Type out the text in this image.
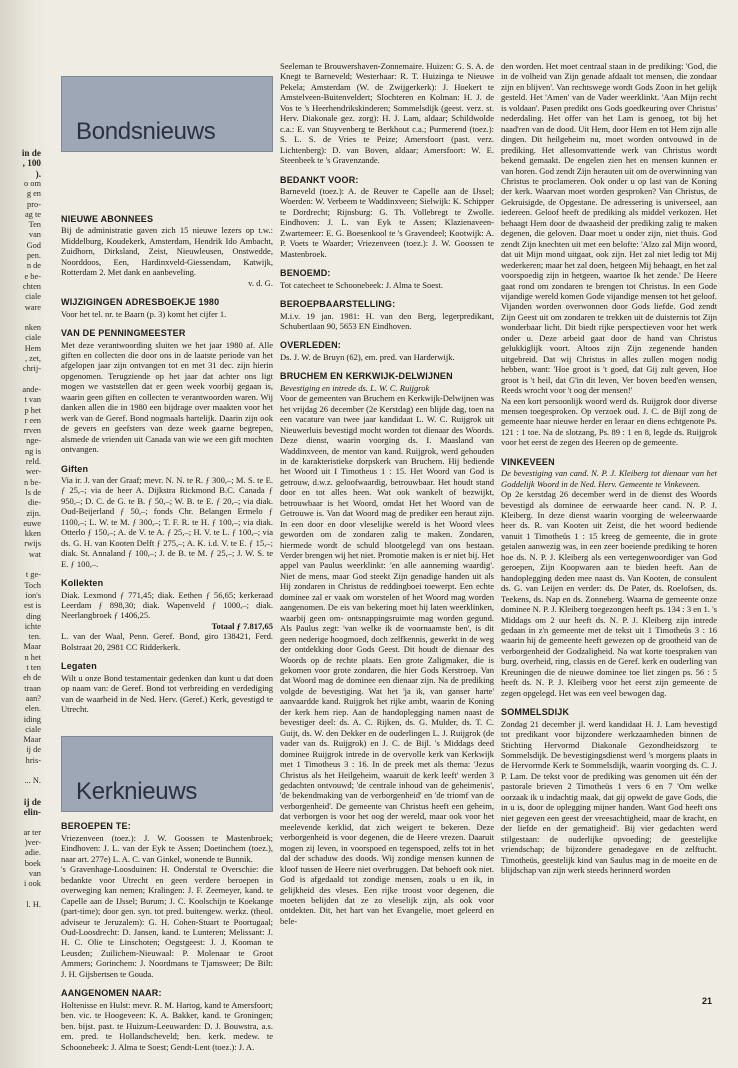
in de
, 100
).
o om
g en
pro-
ag te
Ten
van
God
pen.
n de
e be-
chten
ciale
ware
nken
ciale
Hem
, zet,
chrij-
ande-
t van
p het
r een
rrven
nge-
ng is
reld.
wer-
n be-
ls de
die-
zijn.
euwe
kken
rwijs
wat
t ge-
Toch
ion's
est is
ding
ichte
ten.
Maar
n het
t ten
eh de
traan
aan?
elen.
iding
ciale
Maar
ij de
hris-
... N.
ij de
elin-
ar ter
)ver-
adie.
boek
van
i ook
l. H.
Bondsnieuws
NIEUWE ABONNEES

Bij de administratie gaven zich 15 nieuwe lezers op t.w.: Middelburg, Koudekerk, Amsterdam, Hendrik Ido Ambacht, Zuidhorn, Dirksland, Zeist, Nieuwleusen, Onstwedde, Noorddoos, Een, Hardinxveld-Giessendam, Katwijk, Rotterdam 2. Met dank en aanbeveling.

v. d. G.

WIJZIGINGEN ADRESBOEKJE 1980

Voor het tel. nr. te Baarn (p. 3) komt het cijfer 1.

VAN DE PENNINGMEESTER

Met deze verantwoording sluiten we het jaar 1980 af. Alle giften en collecten die door ons in de laatste periode van het afgelopen jaar zijn ontvangen tot en met 31 dec. zijn hierin opgenomen. Terugziende op het jaar dat achter ons ligt mogen we vaststellen dat er geen week voorbij gegaan is, waarin geen giften en collecten te verantwoorden waren. Wij danken allen die in 1980 een bijdrage over maakten voor het werk van de Geref. Bond nogmaals hartelijk. Daarin zijn ook de gevers en geefsters van deze week gaarne begrepen, alsmede de vrienden uit Canada van wie we een gift mochten ontvangen.

Giften

Via ir. J. van der Graaf; mevr. N. N. te R. ƒ 300,–; M. S. te E. ƒ 25,–; via de heer A. Dijkstra Rickmond B.C. Canada ƒ 950,–; D. C. de G. te B. ƒ 50,–; W. B. te E. ƒ 20,–; via diak. Oud-Beijerland ƒ 50,–; fonds Chr. Belangen Ermelo ƒ 1100,–; L. W. te M. ƒ 300,–; T. F. R. te H. ƒ 100,–; via diak. Otterlo ƒ 150,–; A. de V. te A. ƒ 25,–; H. V. te L. ƒ 100,–; via ds. G. H. van Kooten Delft ƒ 275,–; A. K. i.d. V. te E. ƒ 15,–; diak. St. Annaland ƒ 100,–; J. de B. te M. ƒ 25,–; J. W. S. te E. ƒ 100,–.

Kollekten

Diak. Lexmond ƒ 771,45; diak. Eethen ƒ 56,65; kerkeraad Leerdam ƒ 898,30; diak. Wapenveld ƒ 1000,–; diak. Neerlangbroek ƒ 1406,25.

Totaal ƒ 7.817,65

L. van der Waal, Penn. Geref. Bond, giro 138421, Ferd. Bolstraat 20, 2981 CC Ridderkerk.

Legaten

Wilt u onze Bond testamentair gedenken dan kunt u dat doen op naam van: de Geref. Bond tot verbreiding en verdediging van de waarheid in de Ned. Herv. (Geref.) Kerk, gevestigd te Utrecht.

Kerknieuws
BEROEPEN TE:

Vriezenveen (toez.): J. W. Goossen te Mastenbroek; Eindhoven: J. L. van der Eyk te Assen; Doetinchem (toez.), naar art. 277e) L. A. C. van Ginkel, wonende te Bunnik.

's Gravenhage-Loosduinen: H. Onderstal te Overschie: die bedankte voor Utrecht en geen verdere beroepen in overweging kan nemen; Kralingen: J. F. Zeemeyer, kand. te Capelle aan de IJssel; Burum; J. C. Koolschijn te Koekange (part-time); door gen. syn. tot pred. buitengew. werkz. (theol. adviseur te Jeruzalem): G. H. Cohen-Stuart te Poortugaal; Oud-Loosdrecht: D. Jansen, kand. te Lunteren; Melissant: J. H. C. Olie te Linschoten; Oegstgeest: J. J. Kooman te Leusden; Zuilichem-Nieuwaal: P. Molenaar te Groot Ammers; Gorinchem: J. Noordmans te Tjamsweer; De Bilt: J. H. Gijsbertsen te Gouda.

AANGENOMEN NAAR:

Holtenisse en Hulst: mevr. R. M. Hartog, kand te Amersfoort; ben. vic. te Hoogeveen: K. A. Bakker, kand. te Groningen; ben. bijst. past. te Huizum-Leeuwarden: D. J. Bouwstra, a.s. em. pred. te Hollandscheveld; ben. kerk. medew. te Schoonebeek: J. Alma te Soest; Gendt-Lent (toez.): J. A.

Seeleman te Brouwershaven-Zonnemaire. Huizen: G. S. A. de Knegt te Barneveld; Westerhaar: R. T. Huizinga te Nieuwe Pekela; Amsterdam (W. de Zwijgerkerk): J. Hoekert te Amstelveen-Buitenveldert; Slochteren en Kolman: H. J. de Vos te 's Heerhendrikskinderen; Sommelsdijk (geest. verz. st. Herv. Diakonale gez. zorg): H. J. Lam, aldaar; Schildwolde c.a.: E. van Stuyvenberg te Berkhout c.a.; Purmerend (toez.): S. L. S. de Vries te Peize; Amersfoort (past. verz. Lichtenberg): D. van Boven, aldaar; Amersfoort: W. E. Steenbeek te 's Gravenzande.

BEDANKT VOOR:

Barneveld (toez.): A. de Reuver te Capelle aan de IJssel; Woerden: W. Verbeem te Waddinxveen; Sielwijk: K. Schipper te Dordrecht; Rijnsburg: G. Th. Vollebregt te Zwolle. Eindhoven: J. L. van Eyk te Assen; Klazienaveen-Zwartemeer: E. G. Boesenkool te 's Gravendeel; Kootwijk: A. P. Voets te Waarder; Vriezenveen (toez.): J. W. Goossen te Mastenbroek.

BENOEMD:

Tot catecheet te Schoonebeek: J. Alma te Soest.

BEROEPBAARSTELLING:

M.i.v. 19 jan. 1981: H. van den Berg, legerpredikant, Schubertlaan 90, 5653 EN Eindhoven.

OVERLEDEN:

Ds. J. W. de Bruyn (62), em. pred. van Harderwijk.

BRUCHEM EN KERKWIJK-DELWIJNEN
Bevestiging en intrede ds. L. W. C. Ruijgrok

Voor de gemeenten van Bruchem en Kerkwijk-Delwijnen was het vrijdag 26 december (2e Kerstdag) een blijde dag, toen na een vacature van twee jaar kandidaat L. W. C. Ruijgrok uit Nieuwerluis bevestigd mocht worden tot dienaar des Woords. Deze dienst, waarin voorging ds. I. Maasland van Waddinxveen, de mentor van kand. Ruijgrok, werd gehouden in de karakteristieke dorpskerk van Bruchem. Hij bediende het Woord uit I Timotheus 1 : 15. Het Woord van God is getrouw, d.w.z. geloofwaardig, betrouwbaar. Het houdt stand door en tot alles heen. Wat ook wankelt of bezwijkt, betrouwbaar is het Woord, omdat Het het Woord van de Getrouwe is. Van dat Woord mag de prediker een heraut zijn. In een door en door vleselijke wereld is het Woord vlees geworden om de zondaren zalig te maken. Zondaren, hiermede wordt de schuld blootgelegd van ons bestaan. Verder brengen wij het niet. Promotie maken is er niet bij. Het appel van Paulus weerklinkt: 'en alle aanneming waardig'. Niet de mens, maar God steekt Zijn genadige handen uit als Hij zondaren in Christus de reddingboei toewerpt. Een echte dominee zal er vaak om worstelen of het Woord mag worden aangenomen. De eis van bekering moet hij laten weerklinken, waarbij geen om- ontsnappingsruimte mag worden gegund. Als Paulus zegt: 'van welke ik de voornaamste ben', is dit geen nederige hoogmoed, doch zelfkennis, gewerkt in de weg der ontdekking door Gods Geest. Dit houdt de dienaar des Woords op de rechte plaats. Een grote Zaligmaker, die is gekomen voor grote zondaren, die hier Gods Kerstroep. Van dat Woord mag de dominee een dienaar zijn. Na de prediking volgde de bevestiging. Wat het 'ja ik, van ganser harte' aanvaardde kand. Ruijgrok het rijke ambt, waarin de Koning der kerk hem riep. Aan de handoplegging namen naast de bevestiger deel: ds. A. C. Rijken, ds. G. Mulder, ds. T. C. Guijt, ds. W. den Dekker en de ouderlingen L. J. Ruijgrok (de vader van ds. Ruijgrok) en J. C. de Bijl. 's Middags deed dominee Ruijgrok intrede in de overvolle kerk van Kerkwijk met 1 Timotheus 3 : 16. In de preek met als thema: 'Jezus Christus als het Heilgeheim, waaruit de kerk leeft' werden 3 gedachten ontvouwd; 'de centrale inhoud van de geheimenis', 'de bekendmaking van de verborgenheid' en 'de triomf van de verborgenheid'. De gemeente van Christus heeft een geheim, dat verborgen is voor het oog der wereld, maar ook voor het meelevende kerklid, dat zich weigert te bekeren. Deze verborgenheid is voor degenen, die de Heere vrezen. Daaruit mogen zij leven, in voorspoed en tegenspoed, zelfs tot in het dal der schaduw des doods. Wij zondige mensen kunnen de kloof tussen de Heere niet overbruggen. Dat behoeft ook niet. God is afgedaald tot zondige mensen, zoals u en ik, in gelijkheid des vleses. Een rijke troost voor degenen, die moeten belijden dat ze zo vleselijk zijn, als ook voor ontdekten. Dit, het hart van het Evangelie, moet geleerd en bele-

den worden. Het moet centraal staan in de prediking: 'God, die in de volheid van Zijn genade afdaalt tot mensen, die zondaar zijn en blijven'. Van rechtswege wordt Gods Zoon in het gelijk gesteld. Het 'Amen' van de Vader weerklinkt. 'Aan Mijn recht is voldaan'. Pasen predikt ons Gods goedkeuring over Christus' nederdaling. Het offer van het Lam is genoeg, tot bij het naad'ren van de dood. Uit Hem, door Hem en tot Hem zijn alle dingen. Dit heilgeheim nu, moet worden ontvouwd in de prediking. Het allesomvattende werk van Christus wordt bekend gemaakt. De engelen zien het en mensen kunnen er van horen. God zendt Zijn herauten uit om de overwinning van Christus te proclameren. Ook onder u op last van de Koning der kerk. Waarvan moet worden gesproken? Van Christus, de Gekruisigde, de Opgestane. De adressering is universeel, aan iedereen. Geloof heeft de prediking als middel verkozen. Het behaagt Hem door de dwaasheid der prediking zalig te maken degenen, die geloven. Daar moet u onder zijn, niet thuis. God zendt Zijn knechten uit met een belofte: 'Alzo zal Mijn woord, dat uit Mijn mond uitgaat, ook zijn. Het zal niet ledig tot Mij wederkeren; maar het zal doen, hetgeen Mij behaagt, en het zal voorspoedig zijn in hetgeen, waartoe Ik het zende.' De Heere gaat rond om zondaren te brengen tot Christus. In een Gode vijandige wereld komen Gode vijandige mensen tot het geloof. Vijanden worden overwonnen door Gods liefde. God zendt Zijn Geest uit om zondaren te trekken uit de duisternis tot Zijn wonderbaar licht. Dit biedt rijke perspectieven voor het werk onder u. Deze arbeid gaat door de hand van Christus gelukkiglijk voort. Altoos zijn Zijn zegenende handen uitgebreid. Dat wij Christus in alles zullen mogen nodig hebben, want: 'Hoe groot is 't goed, dat Gij zult geven, Hoe groot is 't heil, dat G'in dit leven, Ver boven beed'en wensen, Reeds wrocht voor 't oog der mensen!'

Na een kort persoonlijk woord werd ds. Ruijgrok door diverse mensen toegesproken. Op verzoek oud. J. C. de Bijl zong de gemeente haar nieuwe herder en leraar en diens echtgenote Ps. 121 : 1 toe. Na de slotzang, Ps. 89 : 1 en 8, legde ds. Ruijgrok voor het eerst de zegen des Heeren op de gemeente.

VINKEVEEN
De bevestiging van cand. N. P. J. Kleiberg tot dienaar van het Goddelijk Woord in de Ned. Herv. Gemeente te Vinkeveen.

Op 2e kerstdag 26 december werd in de dienst des Woords bevestigd als dominee de eerwaarde heer cand. N. P. J. Kleiberg. In deze dienst waarin voorging de weleerwaarde heer ds. R. van Kooten uit Zeist, die het woord bediende vanuit 1 Timotheüs 1 : 15 kreeg de gemeente, die in grote getalen aanwezig was, in een zeer boeiende prediking te horen hoe ds. N. P. J. Kleiberg als een vertegenwoordiger van God geroepen, Zijn Koopwaren aan te bieden heeft. Aan de handoplegging deden mee naast ds. Van Kooten, de consulent ds. G. van Leijen en verder: ds. De Pater, ds. Roelofsen, ds. Teekens, ds. Nap en ds. Zonneberg. Waarna de gemeente onze dominee N. P. J. Kleiberg toegezongen heeft ps. 134 : 3 en 1. 's Middags om 2 uur heeft ds. N. P. J. Kleiberg zijn intrede gedaan in z'n gemeente met de tekst uit 1 Timotheüs 3 : 16 waarin hij de gemeente heeft gewezen op de grootheid van de verborgenheid der Godzaligheid. Na wat korte toespraken van burg. overheid, ring, classis en de Geref. kerk en ouderling van Kreuningen die de nieuwe dominee toe liet zingen ps. 56 : 5 heeft ds. N. P. J. Kleiberg voor het eerst zijn gemeente de zegen opgelegd. Het was een veel bewogen dag.

SOMMELSDIJK

Zondag 21 december jl. werd kandidaat H. J. Lam bevestigd tot predikant voor bijzondere werkzaamheden binnen de Stichting Hervormd Diakonale Gezondheidszorg te Sommelsdijk. De bevestigingsdienst werd 's morgens plaats in de Hervormde Kerk te Sommelsdijk, waarin voorging ds. C. J. P. Lam. De tekst voor de prediking was genomen uit één der pastorale brieven 2 Timotheüs 1 vers 6 en 7 'Om welke oorzaak ik u indachtig maak, dat gij opwekt de gave Gods, die in u is, door de oplegging mijner handen. Want God heeft ons niet gegeven een geest der vreesachtigheid, maar de kracht, en der liefde en der gematigheid'. Bij vier gedachten werd stilgestaan: de ouderlijke opvoeding; de geestelijke vriendschap; de bijzondere genadegave en de zelftucht. Timotheüs, geestelijk kind van Saulus mag in de moeite en de blijdschap van zijn werk steeds herinnerd worden

21
